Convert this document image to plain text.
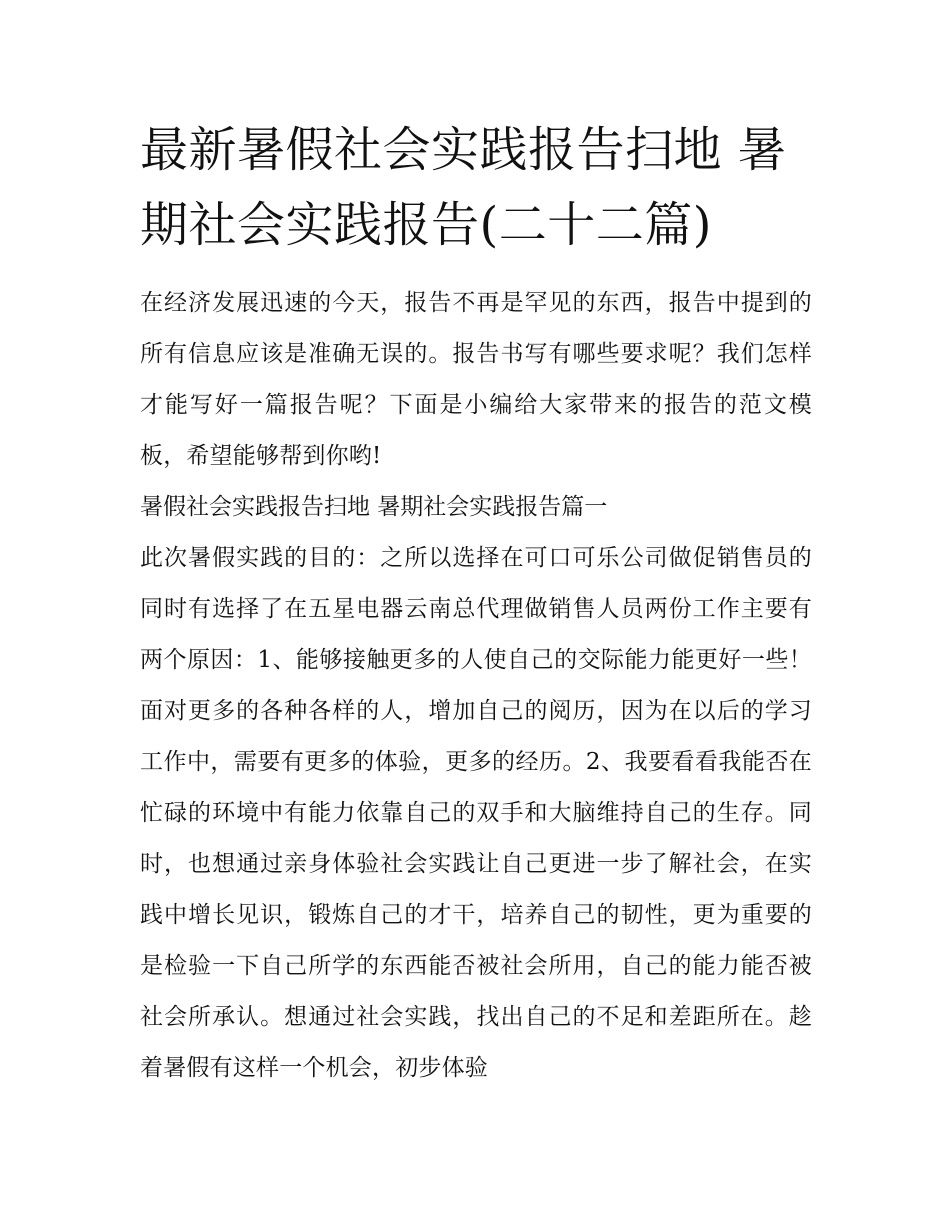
最新暑假社会实践报告扫地 暑
期社会实践报告(二十二篇)

在经济发展迅速的今天，报告不再是罕见的东西，报告中提到的所有信息应该是准确无误的。报告书写有哪些要求呢？我们怎样才能写好一篇报告呢？下面是小编给大家带来的报告的范文模板，希望能够帮到你哟!

暑假社会实践报告扫地 暑期社会实践报告篇一

此次暑假实践的目的：之所以选择在可口可乐公司做促销售员的同时有选择了在五星电器云南总代理做销售人员两份工作主要有两个原因：1、能够接触更多的人使自己的交际能力能更好一些！面对更多的各种各样的人，增加自己的阅历，因为在以后的学习工作中，需要有更多的体验，更多的经历。2、我要看看我能否在忙碌的环境中有能力依靠自己的双手和大脑维持自己的生存。同时，也想通过亲身体验社会实践让自己更进一步了解社会，在实践中增长见识，锻炼自己的才干，培养自己的韧性，更为重要的是检验一下自己所学的东西能否被社会所用，自己的能力能否被社会所承认。想通过社会实践，找出自己的不足和差距所在。趁着暑假有这样一个机会，初步体验
